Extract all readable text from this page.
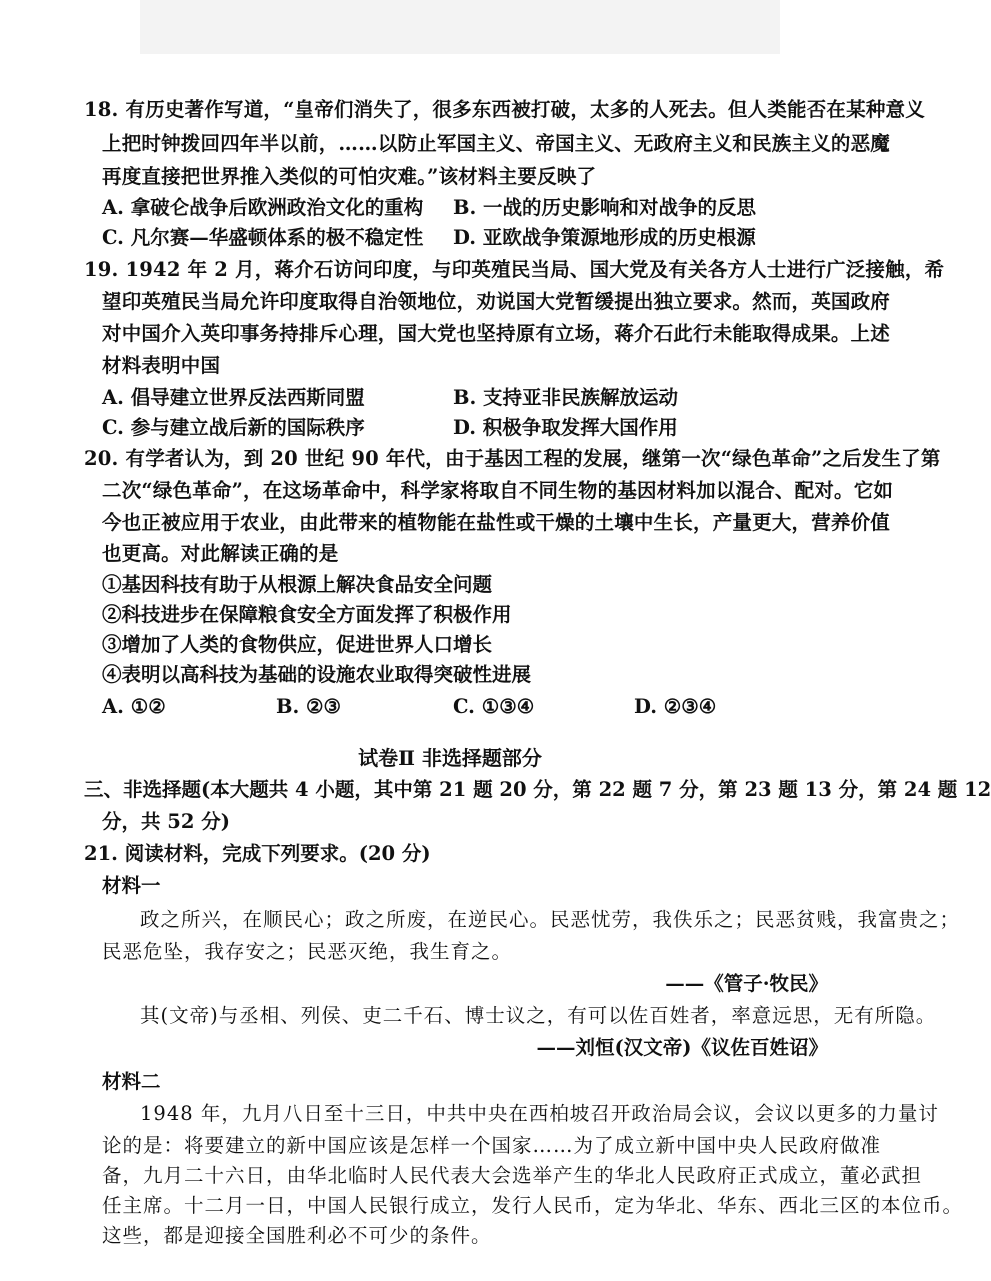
18. 有历史著作写道，“皇帝们消失了，很多东西被打破，太多的人死去。但人类能否在某种意义
上把时钟拨回四年半以前，……以防止军国主义、帝国主义、无政府主义和民族主义的恶魔
再度直接把世界推入类似的可怕灾难。”该材料主要反映了
A. 拿破仑战争后欧洲政治文化的重构 B. 一战的历史影响和对战争的反思
C. 凡尔赛—华盛顿体系的极不稳定性 D. 亚欧战争策源地形成的历史根源
19. 1942 年 2 月，蒋介石访问印度，与印英殖民当局、国大党及有关各方人士进行广泛接触，希
望印英殖民当局允许印度取得自治领地位，劝说国大党暂缓提出独立要求。然而，英国政府
对中国介入英印事务持排斥心理，国大党也坚持原有立场，蒋介石此行未能取得成果。上述
材料表明中国
A. 倡导建立世界反法西斯同盟	B. 支持亚非民族解放运动
C. 参与建立战后新的国际秩序	D. 积极争取发挥大国作用
20. 有学者认为，到 20 世纪 90 年代，由于基因工程的发展，继第一次“绿色革命”之后发生了第
二次“绿色革命”，在这场革命中，科学家将取自不同生物的基因材料加以混合、配对。它如
今也正被应用于农业，由此带来的植物能在盐性或干燥的土壤中生长，产量更大，营养价值
也更高。对此解读正确的是
①基因科技有助于从根源上解决食品安全问题
②科技进步在保障粮食安全方面发挥了积极作用
③增加了人类的食物供应，促进世界人口增长
④表明以高科技为基础的设施农业取得突破性进展
A. ①②	B. ②③	C. ①③④	D. ②③④
试卷Ⅱ 非选择题部分
三、非选择题(本大题共 4 小题，其中第 21 题 20 分，第 22 题 7 分，第 23 题 13 分，第 24 题 12
分，共 52 分)
21. 阅读材料，完成下列要求。(20 分)
材料一
政之所兴，在顺民心；政之所废，在逆民心。民恶忧劳，我佚乐之；民恶贫贱，我富贵之；
民恶危坠，我存安之；民恶灭绝，我生育之。
——《管子·牧民》
其(文帝)与丞相、列侯、吏二千石、博士议之，有可以佐百姓者，率意远思，无有所隐。
——刘恒(汉文帝)《议佐百姓诏》
材料二
1948 年，九月八日至十三日，中共中央在西柏坡召开政治局会议，会议以更多的力量讨
论的是：将要建立的新中国应该是怎样一个国家……为了成立新中国中央人民政府做准
备，九月二十六日，由华北临时人民代表大会选举产生的华北人民政府正式成立，董必武担
任主席。十二月一日，中国人民银行成立，发行人民币，定为华北、华东、西北三区的本位币。
这些，都是迎接全国胜利必不可少的条件。
